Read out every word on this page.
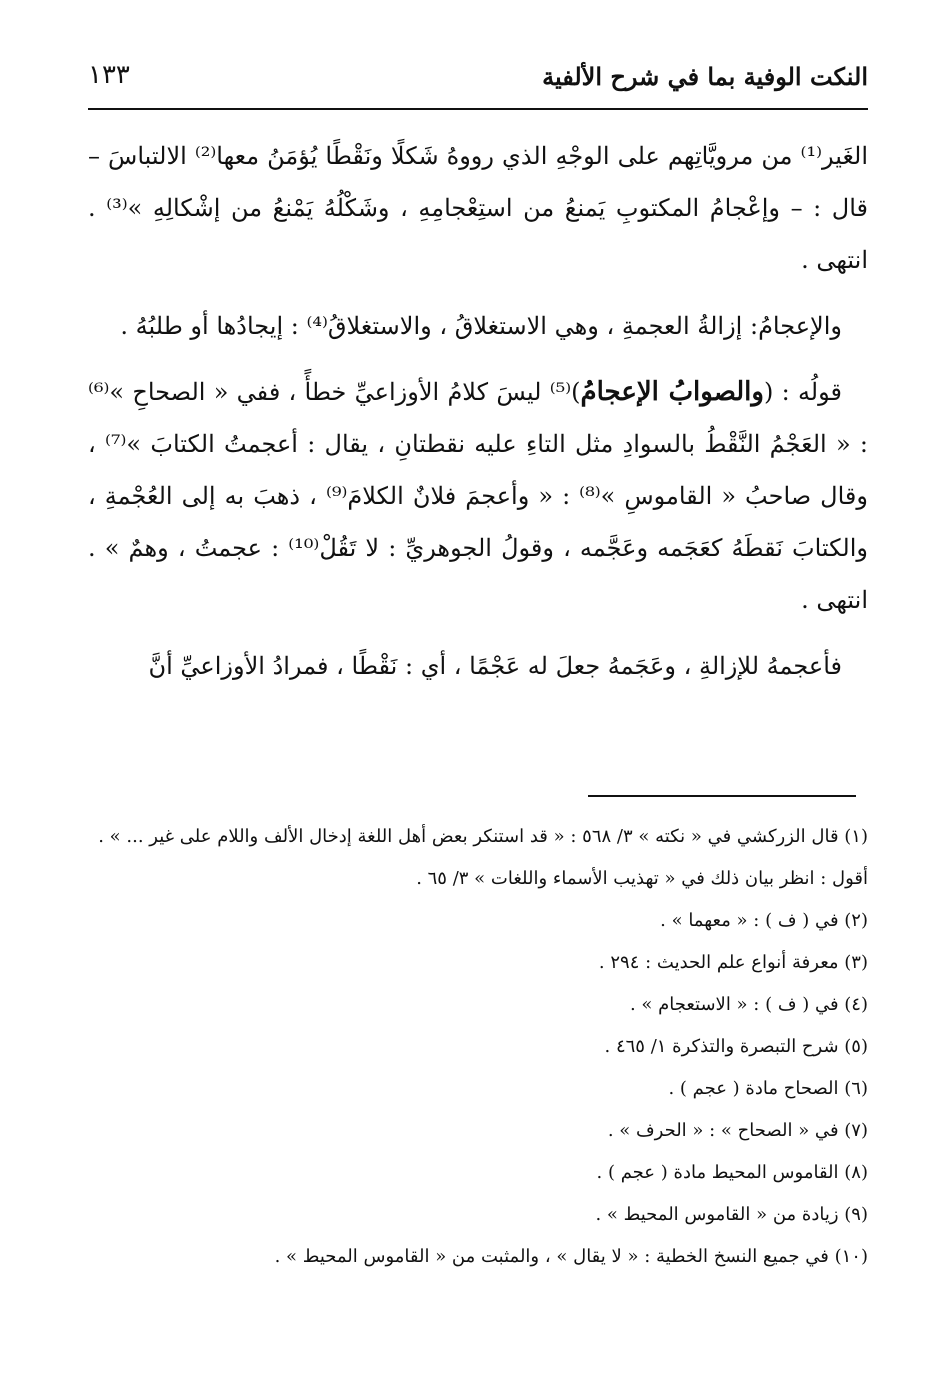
النكت الوفية بما في شرح الألفية
١٣٣

الغَير⁽¹⁾ من مرويَّاتِهم على الوجْهِ الذي رووهُ شَكلًا ونَقْطًا يُؤمَنُ معها⁽²⁾ الالتباسَ – قال : – وإعْجامُ المكتوبِ يَمنعُ من استِعْجامِهِ ، وشَكْلُهُ يَمْنعُ من إشْكالِهِ »⁽³⁾ . انتهى .

والإعجامُ: إزالةُ العجمةِ ، وهي الاستغلاقُ ، والاستغلاقُ⁽⁴⁾ : إيجادُها أو طلبُهُ .

قولُه : (والصوابُ الإعجامُ)⁽⁵⁾ ليسَ كلامُ الأوزاعيِّ خطأً ، ففي « الصحاحِ »⁽⁶⁾ : « العَجْمُ النَّقْطُ بالسوادِ مثل التاءِ عليه نقطتانِ ، يقال : أعجمتُ الكتابَ »⁽⁷⁾ ، وقال صاحبُ « القاموسِ »⁽⁸⁾ : « وأعجمَ فلانٌ الكلامَ⁽⁹⁾ ، ذهبَ به إلى العُجْمةِ ، والكتابَ نَقطَهُ كعَجَمه وعَجَّمه ، وقولُ الجوهريِّ : لا تَقُلْ⁽¹⁰⁾ : عجمتُ ، وهمٌ » . انتهى .

فأعجمهُ للإزالةِ ، وعَجَمهُ جعلَ له عَجْمًا ، أي : نَقْطًا ، فمرادُ الأوزاعيِّ أنَّ

(١) قال الزركشي في « نكته » ٣/ ٥٦٨ : « قد استنكر بعض أهل اللغة إدخال الألف واللام على غير ... » . أقول : انظر بيان ذلك في « تهذيب الأسماء واللغات » ٣/ ٦٥ .

(٢) في ( ف ) : « معهما » .

(٣) معرفة أنواع علم الحديث : ٢٩٤ .

(٤) في ( ف ) : « الاستعجام » .

(٥) شرح التبصرة والتذكرة ١/ ٤٦٥ .

(٦) الصحاح مادة ( عجم ) .

(٧) في « الصحاح » : « الحرف » .

(٨) القاموس المحيط مادة ( عجم ) .

(٩) زيادة من « القاموس المحيط » .

(١٠) في جميع النسخ الخطية : « لا يقال » ، والمثبت من « القاموس المحيط » .
